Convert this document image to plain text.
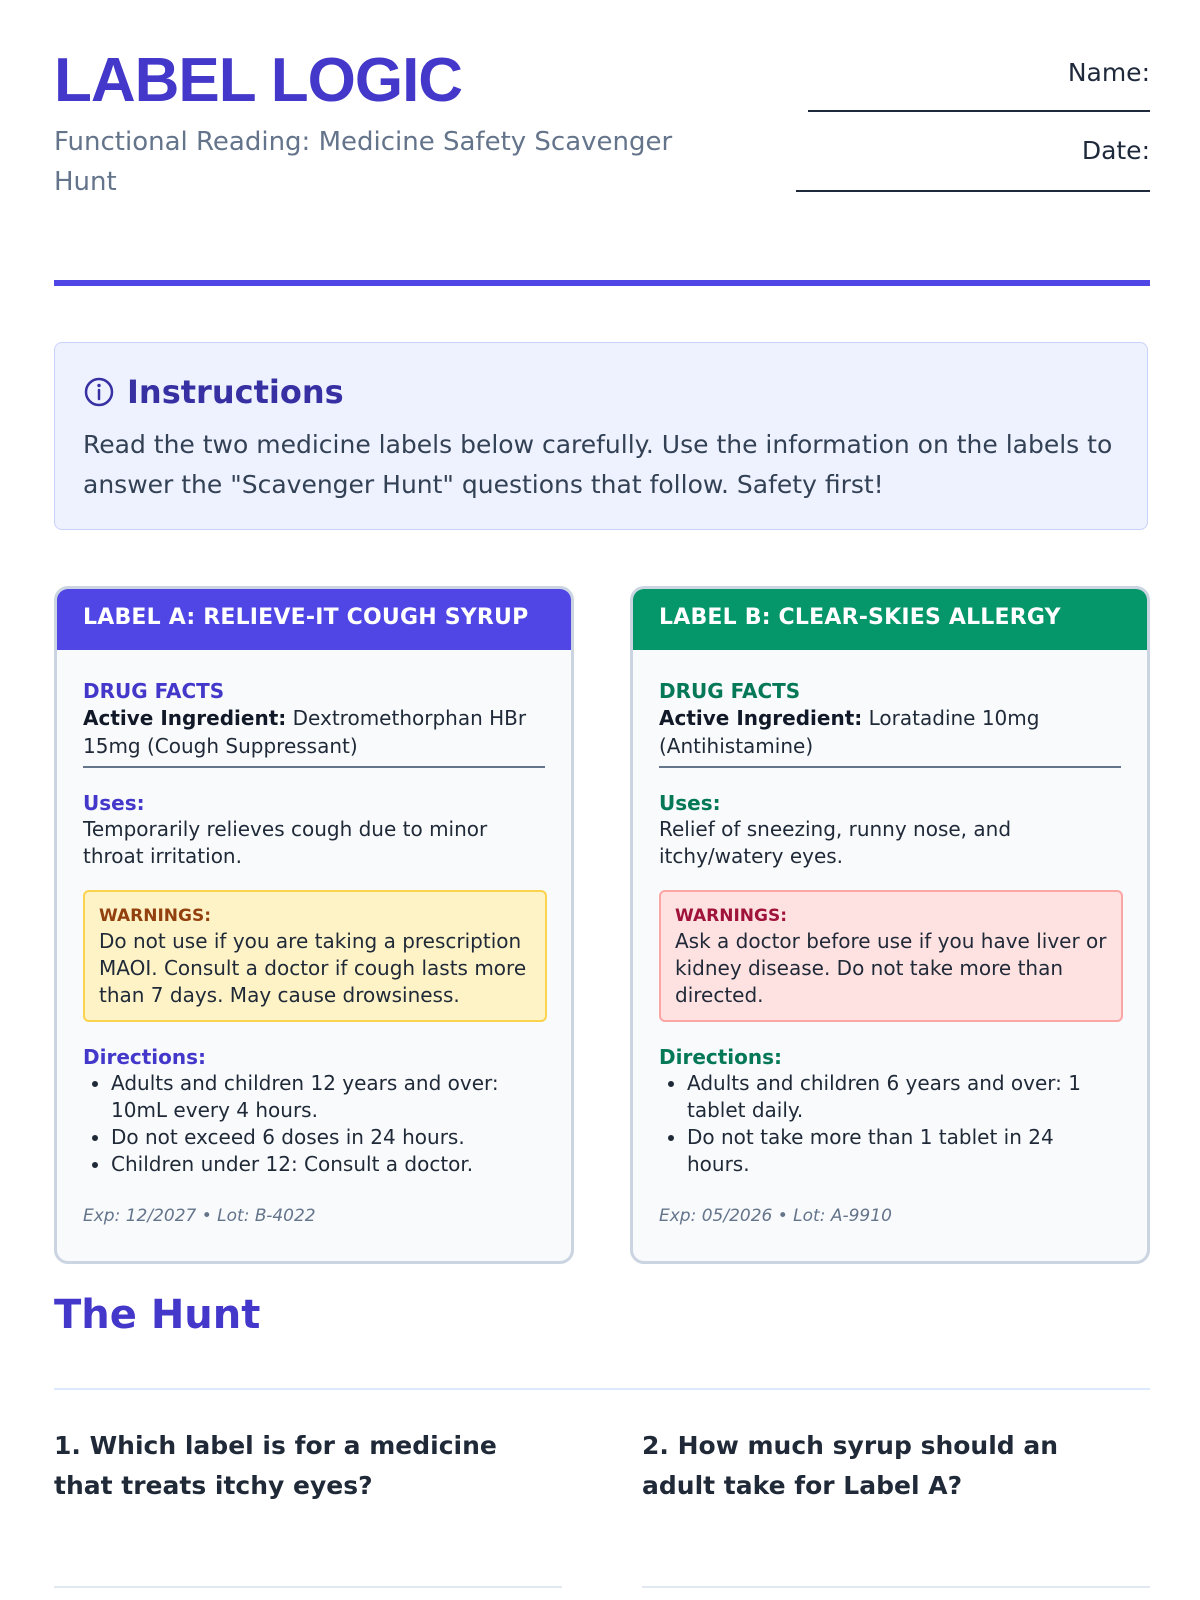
LABEL LOGIC

Functional Reading: Medicine Safety Scavenger Hunt

Name:
Date:
Instructions
Read the two medicine labels below carefully. Use the information on the labels to answer the "Scavenger Hunt" questions that follow. Safety first!
LABEL A: RELIEVE-IT COUGH SYRUP
DRUG FACTS
Active Ingredient: Dextromethorphan HBr 15mg (Cough Suppressant)
Uses:
Temporarily relieves cough due to minor throat irritation.
WARNINGS:
Do not use if you are taking a prescription MAOI. Consult a doctor if cough lasts more than 7 days. May cause drowsiness.
Directions:
• Adults and children 12 years and over: 10mL every 4 hours.
• Do not exceed 6 doses in 24 hours.
• Children under 12: Consult a doctor.
Exp: 12/2027 • Lot: B-4022
LABEL B: CLEAR-SKIES ALLERGY
DRUG FACTS
Active Ingredient: Loratadine 10mg (Antihistamine)
Uses:
Relief of sneezing, runny nose, and itchy/watery eyes.
WARNINGS:
Ask a doctor before use if you have liver or kidney disease. Do not take more than directed.
Directions:
• Adults and children 6 years and over: 1 tablet daily.
• Do not take more than 1 tablet in 24 hours.
Exp: 05/2026 • Lot: A-9910
The Hunt
1. Which label is for a medicine that treats itchy eyes?
2. How much syrup should an adult take for Label A?
